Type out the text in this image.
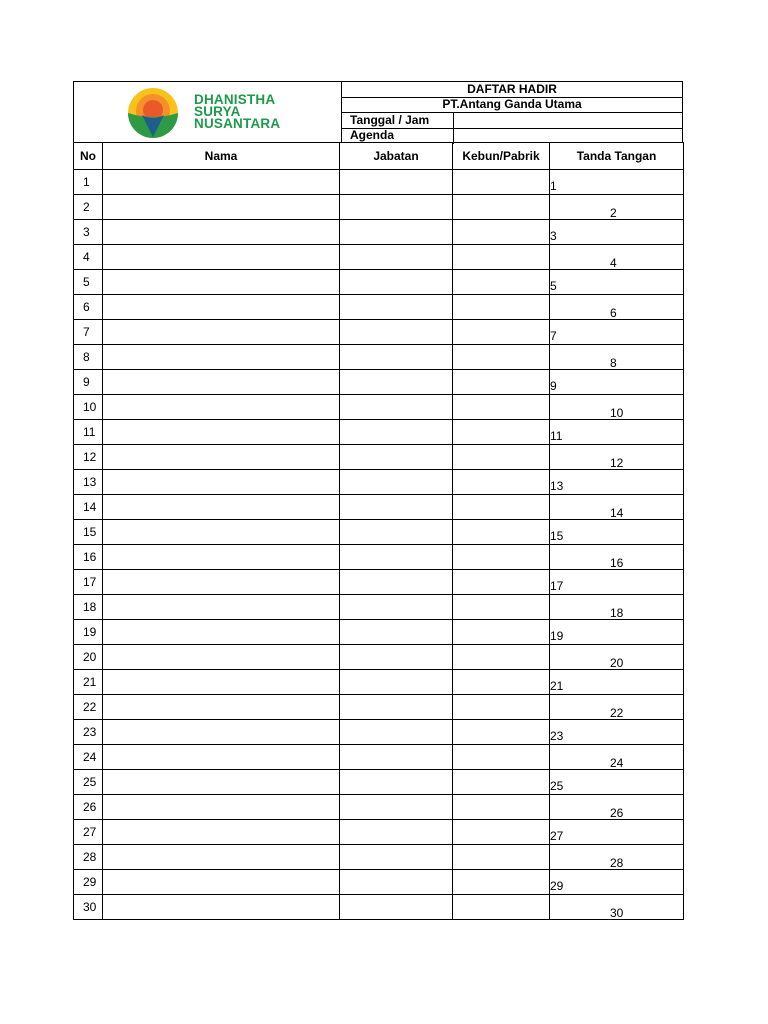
DHANISTHA
SURYA
NUSANTARA
DAFTAR HADIR
PT.Antang Ganda Utama
Tanggal / Jam
Agenda
No	Nama	Jabatan	Kebun/Pabrik	Tanda Tangan
1				1

2				2

3				3

4				4

5				5

6				6

7				7

8				8

9				9

10				10

11				11

12				12

13				13

14				14

15				15

16				16

17				17

18				18

19				19

20				20

21				21

22				22

23				23

24				24

25				25

26				26

27				27

28				28

29				29

30				30
